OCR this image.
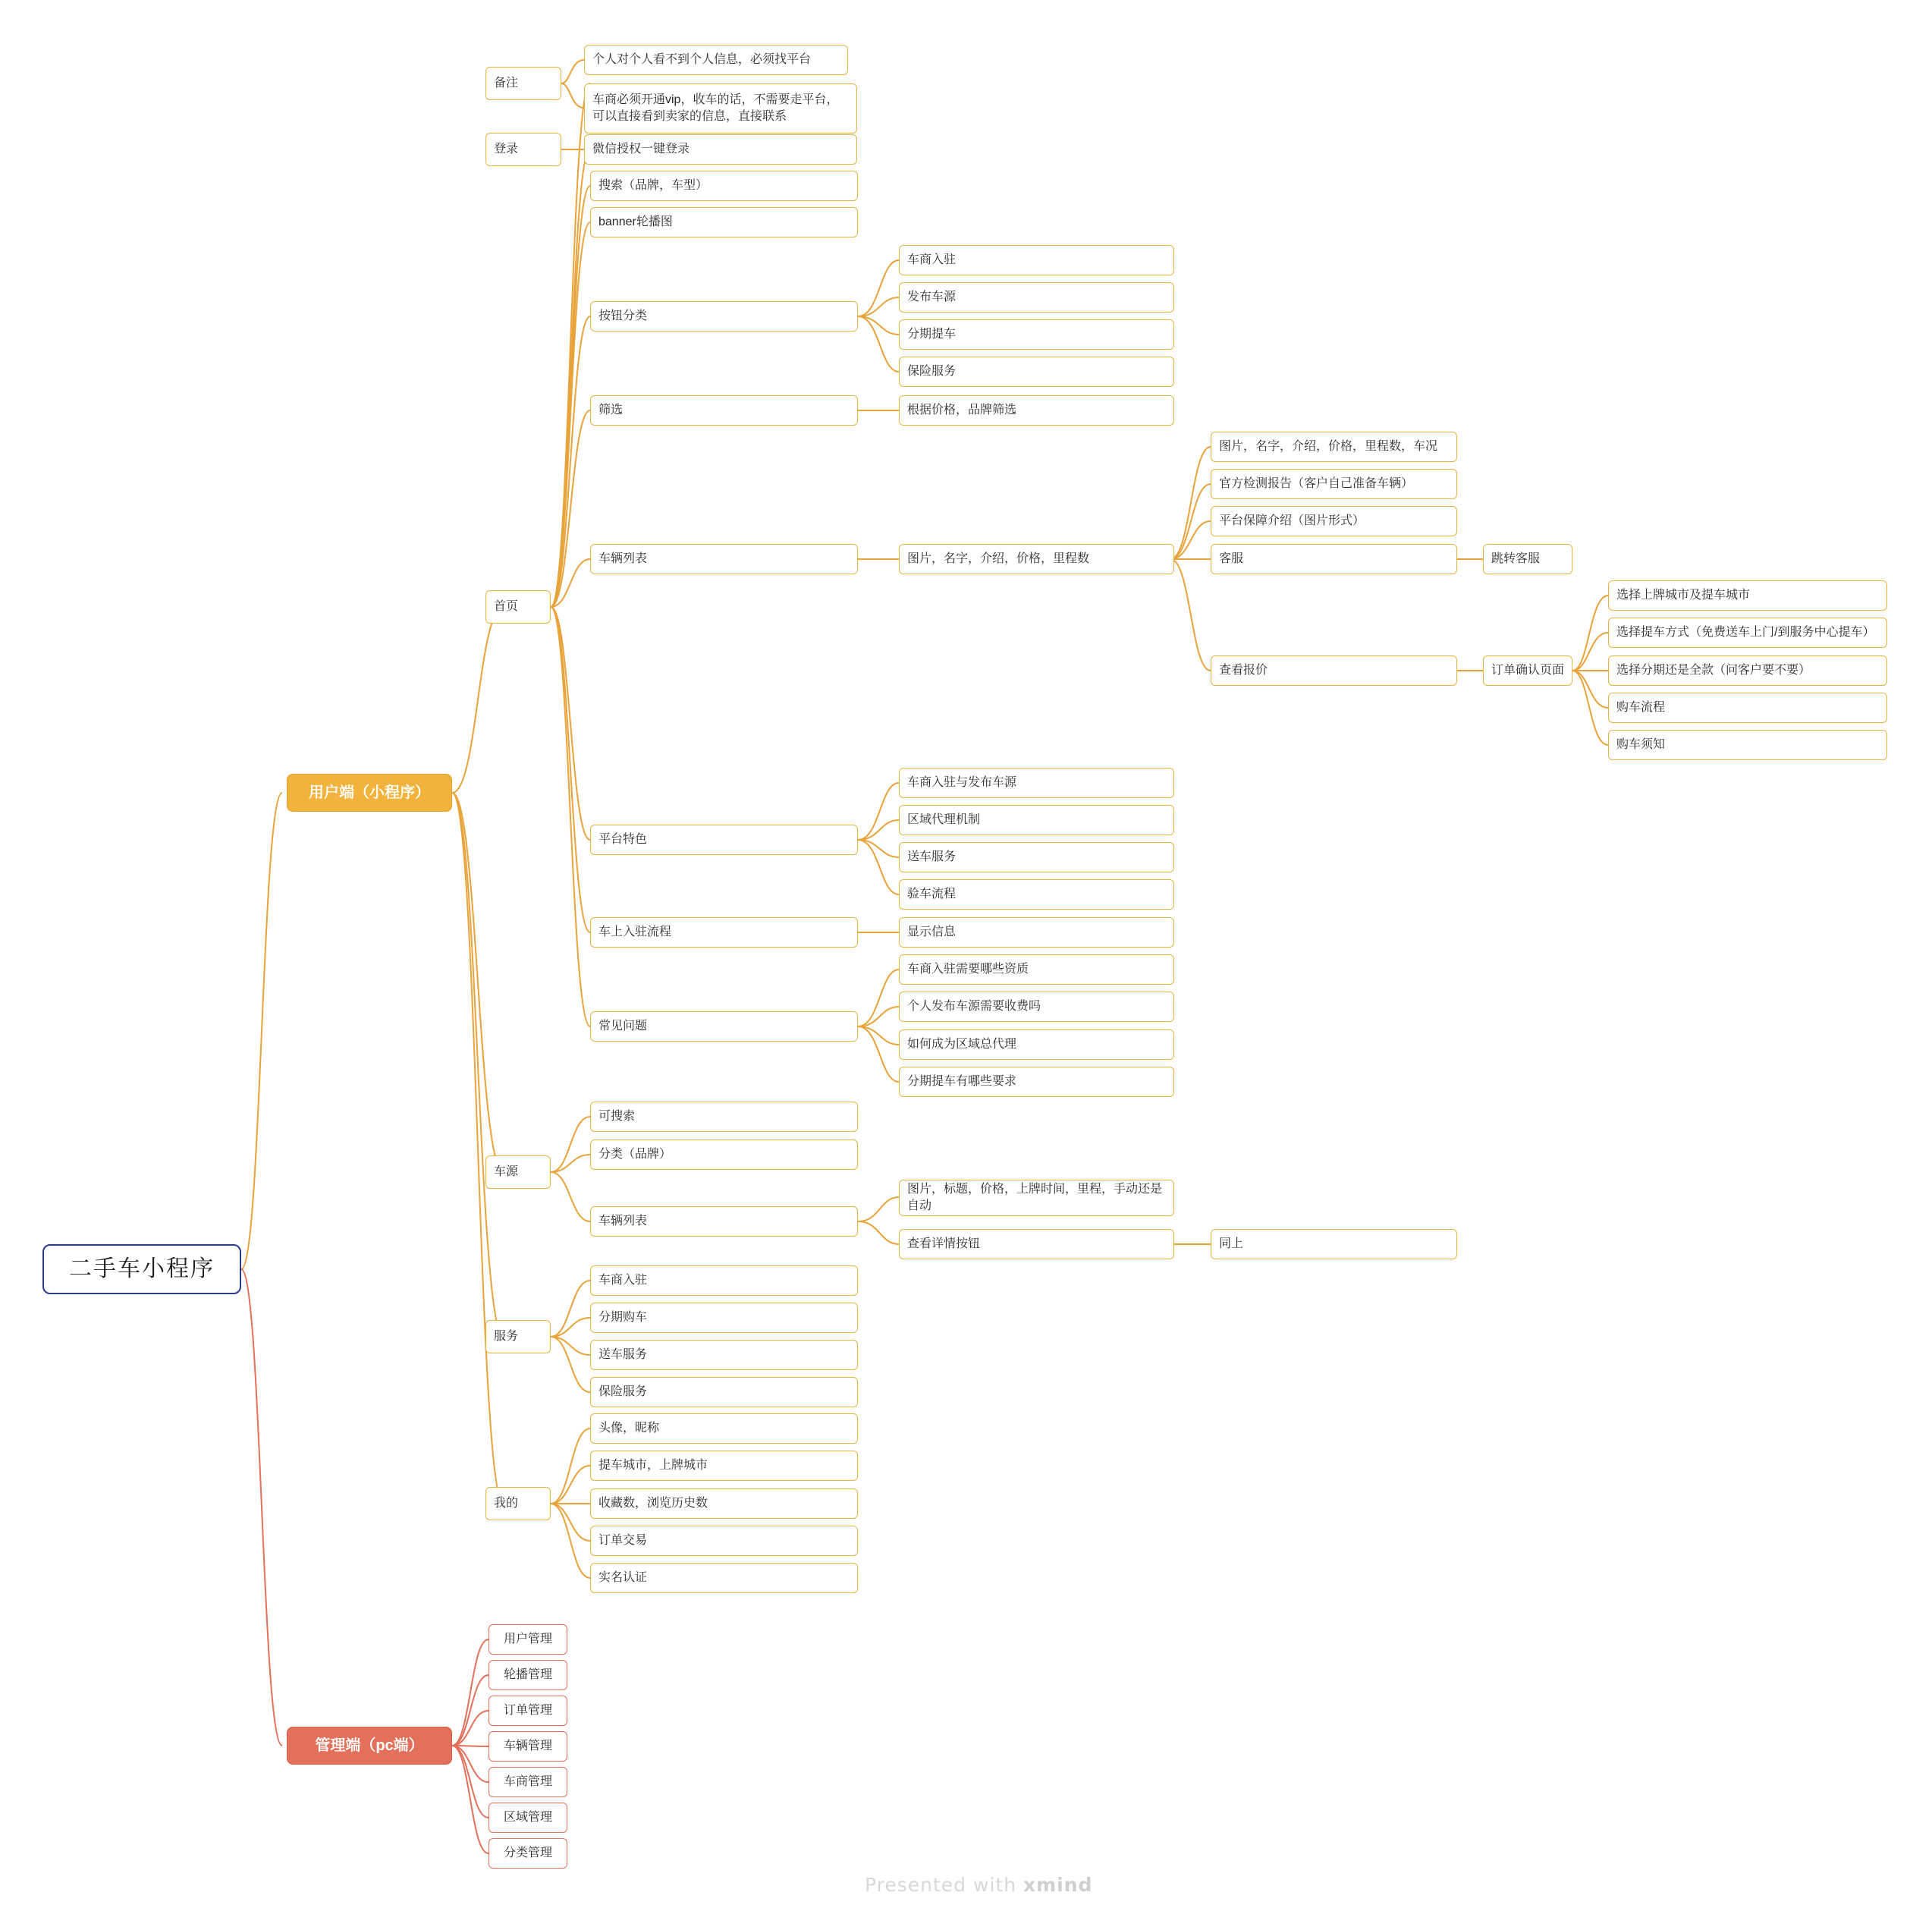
二手车小程序
用户端（小程序）
管理端（pc端）
首页
车源
服务
我的
备注
个人对个人看不到个人信息，必须找平台
车商必须开通vip，收车的话，不需要走平台，可以直接看到卖家的信息，直接联系
登录	微信授权一键登录
搜索（品牌，车型）
banner轮播图
按钮分类
车商入驻
发布车源
分期提车
保险服务
筛选	根据价格，品牌筛选
车辆列表	图片，名字，介绍，价格，里程数
图片，名字，介绍，价格，里程数，车况
官方检测报告（客户自己准备车辆）
平台保障介绍（图片形式）
客服	跳转客服
查看报价	订单确认页面
选择上牌城市及提车城市
选择提车方式（免费送车上门/到服务中心提车）
选择分期还是全款（问客户要不要）
购车流程
购车须知
平台特色
车商入驻与发布车源
区域代理机制
送车服务
验车流程
车上入驻流程	显示信息
常见问题
车商入驻需要哪些资质
个人发布车源需要收费吗
如何成为区域总代理
分期提车有哪些要求
可搜索
分类（品牌）
车辆列表
图片，标题，价格，上牌时间，里程，手动还是自动
查看详情按钮	同上
车商入驻
分期购车
送车服务
保险服务
头像，昵称
提车城市，上牌城市
收藏数，浏览历史数
订单交易
实名认证
用户管理
轮播管理
订单管理
车辆管理
车商管理
区域管理
分类管理
Presented with xmind
